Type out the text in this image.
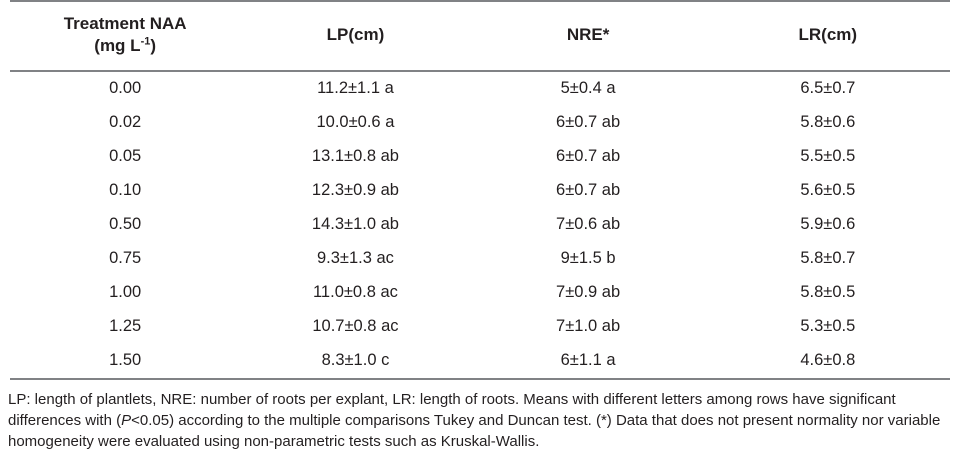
Treatment NAA
(mg $L^{-1}$)	LP(cm)	NRE*	LR(cm)
0.00	11.2±1.1 a	5±0.4 a	6.5±0.7
0.02	10.0±0.6 a	6±0.7 ab	5.8±0.6
0.05	13.1±0.8 ab	6±0.7 ab	5.5±0.5
0.10	12.3±0.9 ab	6±0.7 ab	5.6±0.5
0.50	14.3±1.0 ab	7±0.6 ab	5.9±0.6
0.75	9.3±1.3 ac	9±1.5 b	5.8±0.7
1.00	11.0±0.8 ac	7±0.9 ab	5.8±0.5
1.25	10.7±0.8 ac	7±1.0 ab	5.3±0.5
1.50	8.3±1.0 c	6±1.1 a	4.6±0.8
LP: length of plantlets, NRE: number of roots per explant, LR: length of roots. Means with different letters among rows have significant differences with (P<0.05) according to the multiple comparisons Tukey and Duncan test. (*) Data that does not present normality nor variable homogeneity were evaluated using non-parametric tests such as Kruskal-Wallis.
